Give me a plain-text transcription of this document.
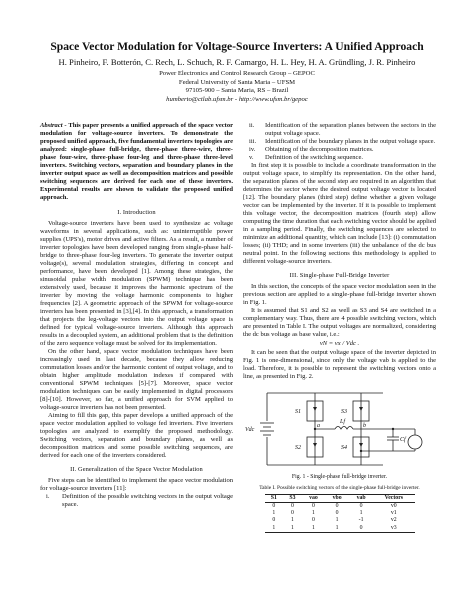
Space Vector Modulation for Voltage-Source Inverters: A Unified Approach
H. Pinheiro, F. Botterón, C. Rech, L. Schuch, R. F. Camargo, H. L. Hey, H. A. Gründling, J. R. Pinheiro
Power Electronics and Control Research Group – GEPOC
Federal University of Santa Maria – UFSM
97105-900 – Santa Maria, RS – Brazil
humberto@ctlab.ufsm.br - http://www.ufsm.br/gepoc
Abstract - This paper presents a unified approach of the space vector modulation for voltage-source inverters. To demonstrate the proposed unified approach, five fundamental inverters topologies are analyzed: single-phase full-bridge, three-phase three-wire, three-phase four-wire, three-phase four-leg and three-phase three-level inverters. Switching vectors, separation and boundary planes in the inverter output space as well as decomposition matrices and possible switching sequences are derived for each one of these inverters. Experimental results are shown to validate the proposed unified approach.
I. Introduction

Voltage-source inverters have been used to synthesize ac voltage waveforms in several applications, such as: uninterruptible power supplies (UPS's), motor drives and active filters. As a result, a number of inverter topologies have been developed ranging from single-phase half-bridge to three-phase four-leg inverters. To generate the inverter output voltage(s), several modulation strategies, differing in concept and performance, have been developed [1]. Among these strategies, the sinusoidal pulse width modulation (SPWM) technique has been extensively used, because it improves the harmonic spectrum of the inverter by moving the voltage harmonic components to higher frequencies [2]. A geometric approach of the SPWM for voltage-source inverters has been presented in [3],[4]. In this approach, a transformation that projects the leg-voltage vectors into the output voltage space is defined for typical voltage-source inverters. Although this approach results in a decoupled system, an additional problem that is the definition of the zero sequence voltage must be solved for its implementation.

On the other hand, space vector modulation techniques have been increasingly used in last decade, because they allow reducing commutation losses and/or the harmonic content of output voltage, and to obtain higher amplitude modulation indexes if compared with conventional SPWM techniques [5]-[7]. Moreover, space vector modulation techniques can be easily implemented in digital processors [8]-[10]. However, so far, a unified approach for SVM applied to voltage-source inverters has not been presented.

Aiming to fill this gap, this paper develops a unified approach of the space vector modulation applied to voltage fed inverters. Five inverters topologies are analyzed to exemplify the proposed methodology. Switching vectors, separation and boundary planes, as well as decomposition matrices and some possible switching sequences, are derived for each one of the inverters considered.

II. Generalization of the Space Vector Modulation

Five steps can be identified to implement the space vector modulation for voltage-source inverters [11]:

i.	Definition of the possible switching vectors in the output voltage space.
ii.	Identification of the separation planes between the sectors in the output voltage space.
iii.	Identification of the boundary planes in the output voltage space.
iv.	Obtaining of the decomposition matrices.
v.	Definition of the switching sequence.

In first step it is possible to include a coordinate transformation in the output voltage space, to simplify its representation. On the other hand, the separation planes of the second step are required in an algorithm that determines the sector where the desired output voltage vector is located [12]. The boundary planes (third step) define whether a given voltage vector can be implemented by the inverter. If it is possible to implement this voltage vector, the decomposition matrices (fourth step) allow computing the time duration that each switching vector should be applied in a sampling period. Finally, the switching sequences are selected to minimize an additional quantity, which can include [13]: (i) commutation losses; (ii) THD; and in some inverters (iii) the unbalance of the dc bus neutral point. In the following sections this methodology is applied to different voltage-source inverters.

III. Single-phase Full-Bridge Inverter

In this section, the concepts of the space vector modulation seen in the previous section are applied to a single-phase full-bridge inverter shown in Fig. 1.

It is assumed that S1 and S2 as well as S3 and S4 are switched in a complementary way. Thus, there are 4 possible switching vectors, which are presented in Table I. The output voltages are normalized, considering the dc bus voltage as base value, i.e.:

vN = vx / Vdc .

It can be seen that the output voltage space of the inverter depicted in Fig. 1 is one-dimensional, since only the voltage vab is applied to the load. Therefore, it is possible to represent the switching vectors onto a line, as presented in Fig. 2.

S1
S2
S3
S4
Vdc
a	b
Lf
Cf
Fig. 1 - Single-phase full-bridge inverter.
Table I. Possible switching vectors of the single-phase full-bridge inverter.
S1	S3	vao	vbo	vab	Vectors
0	0	0	0	0	v0
1	0	1	0	1	v1
0	1	0	1	-1	v2
1	1	1	1	0	v3
